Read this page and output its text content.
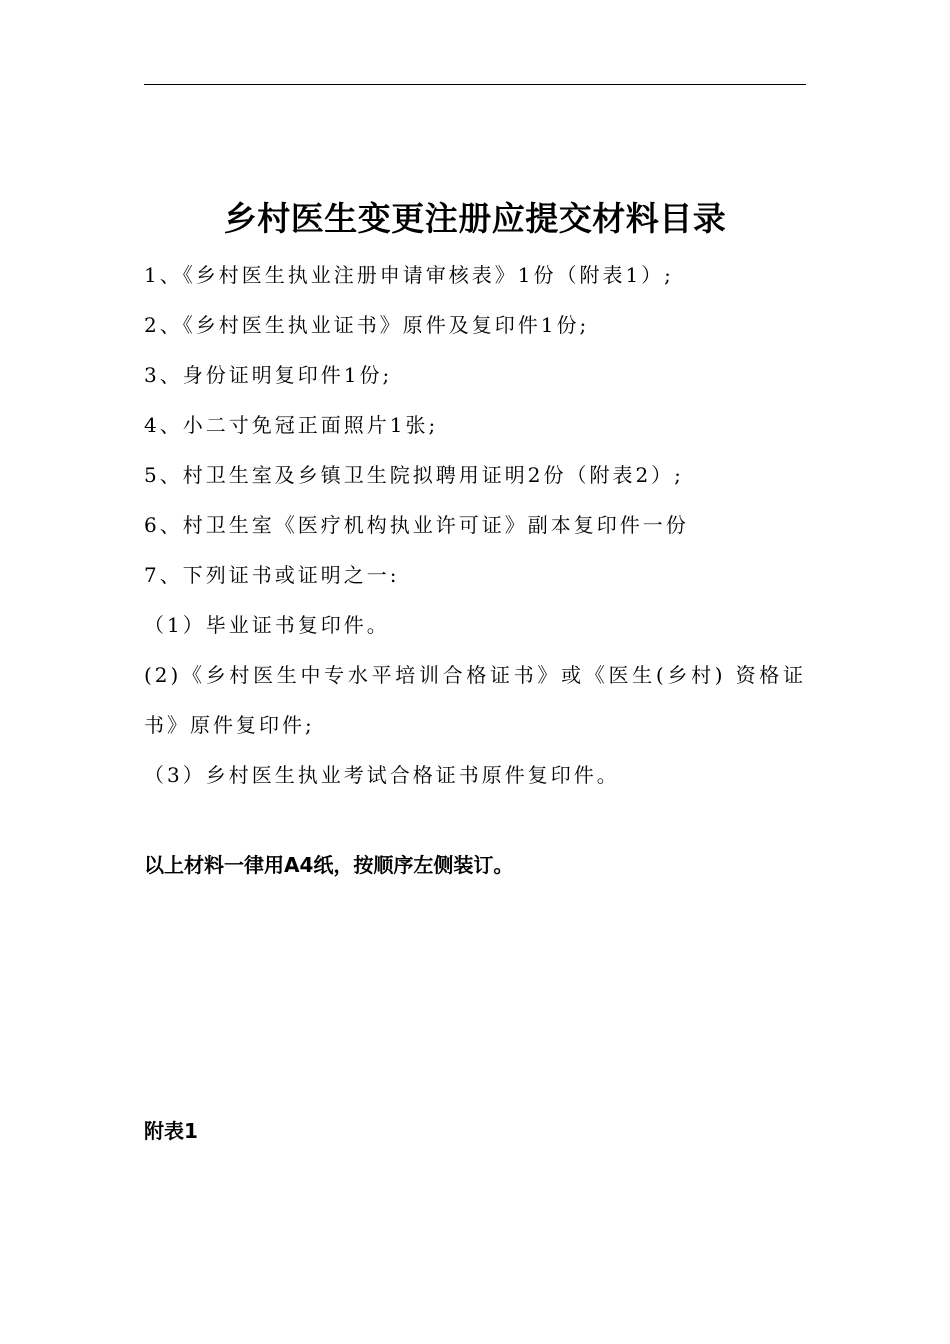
乡村医生变更注册应提交材料目录
1、《乡村医生执业注册申请审核表》1份（附表1）;
2、《乡村医生执业证书》原件及复印件1份;
3、身份证明复印件1份;
4、小二寸免冠正面照片1张;
5、村卫生室及乡镇卫生院拟聘用证明2份（附表2）;
6、村卫生室《医疗机构执业许可证》副本复印件一份
7、下列证书或证明之一:
（1）毕业证书复印件。
(2)《乡村医生中专水平培训合格证书》或《医生(乡村) 资格证书》原件复印件;
（3）乡村医生执业考试合格证书原件复印件。
以上材料一律用A4纸，按顺序左侧装订。
附表1
